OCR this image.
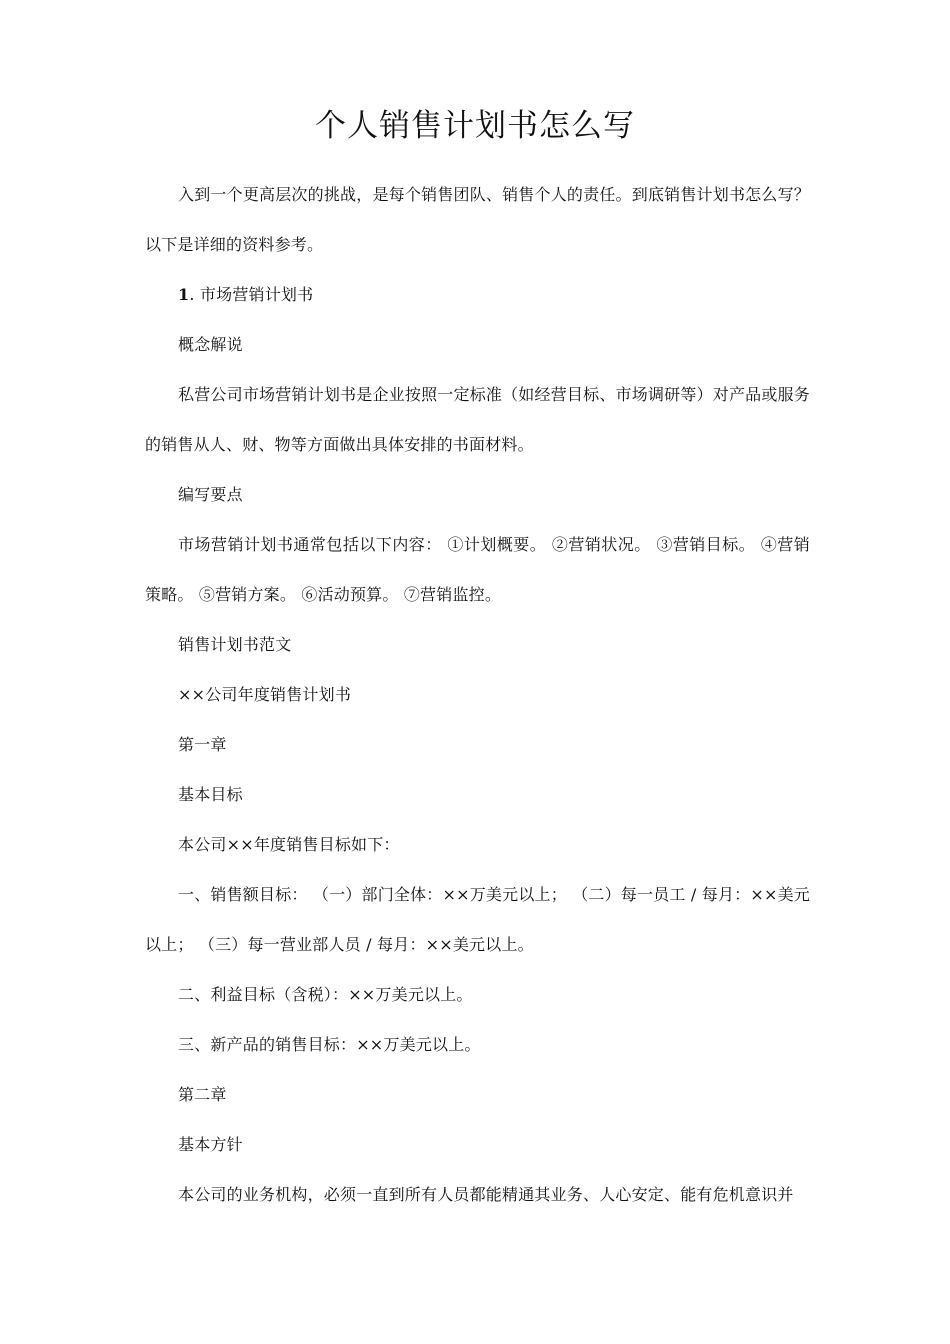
个人销售计划书怎么写

入到一个更高层次的挑战，是每个销售团队、销售个人的责任。到底销售计划书怎么写？以下是详细的资料参考。

1. 市场营销计划书

概念解说

私营公司市场营销计划书是企业按照一定标准（如经营目标、市场调研等）对产品或服务的销售从人、财、物等方面做出具体安排的书面材料。

编写要点

市场营销计划书通常包括以下内容： ①计划概要。 ②营销状况。 ③营销目标。 ④营销策略。 ⑤营销方案。 ⑥活动预算。 ⑦营销监控。

销售计划书范文

××公司年度销售计划书

第一章

基本目标

本公司××年度销售目标如下：

一、销售额目标： （一）部门全体：××万美元以上； （二）每一员工 / 每月：××美元以上； （三）每一营业部人员 / 每月：××美元以上。

二、利益目标（含税）：××万美元以上。

三、新产品的销售目标：××万美元以上。

第二章

基本方针

本公司的业务机构，必须一直到所有人员都能精通其业务、人心安定、能有危机意识并
